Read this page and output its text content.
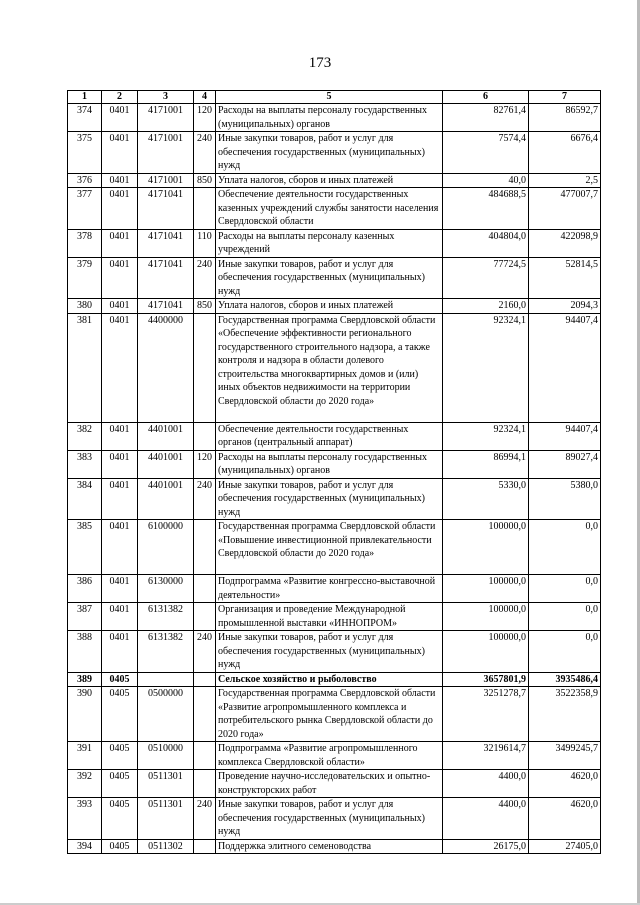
173
1	2	3	4	5	6	7
374	0401	4171001	120	Расходы на выплаты персоналу государственных (муниципальных) органов	82761,4	86592,7
375	0401	4171001	240	Иные закупки товаров, работ и услуг для обеспечения государственных (муниципальных) нужд	7574,4	6676,4
376	0401	4171001	850	Уплата налогов, сборов и иных платежей	40,0	2,5
377	0401	4171041		Обеспечение деятельности государственных казенных учреждений службы занятости населения Свердловской области	484688,5	477007,7
378	0401	4171041	110	Расходы на выплаты персоналу казенных учреждений	404804,0	422098,9
379	0401	4171041	240	Иные закупки товаров, работ и услуг для обеспечения государственных (муниципальных) нужд	77724,5	52814,5
380	0401	4171041	850	Уплата налогов, сборов и иных платежей	2160,0	2094,3
381	0401	4400000		Государственная программа Свердловской области «Обеспечение эффективности регионального государственного строительного надзора, а также контроля и надзора в области долевого строительства многоквартирных домов и (или) иных объектов недвижимости на территории Свердловской области до 2020 года»	92324,1	94407,4
382	0401	4401001		Обеспечение деятельности государственных органов (центральный аппарат)	92324,1	94407,4
383	0401	4401001	120	Расходы на выплаты персоналу государственных (муниципальных) органов	86994,1	89027,4
384	0401	4401001	240	Иные закупки товаров, работ и услуг для обеспечения государственных (муниципальных) нужд	5330,0	5380,0
385	0401	6100000		Государственная программа Свердловской области «Повышение инвестиционной привлекательности Свердловской области до 2020 года»	100000,0	0,0
386	0401	6130000		Подпрограмма «Развитие конгрессно-выставочной деятельности»	100000,0	0,0
387	0401	6131382		Организация и проведение Международной промышленной выставки «ИННОПРОМ»	100000,0	0,0
388	0401	6131382	240	Иные закупки товаров, работ и услуг для обеспечения государственных (муниципальных) нужд	100000,0	0,0
389	0405			Сельское хозяйство и рыболовство	3657801,9	3935486,4
390	0405	0500000		Государственная программа Свердловской области «Развитие агропромышленного комплекса и потребительского рынка Свердловской области до 2020 года»	3251278,7	3522358,9
391	0405	0510000		Подпрограмма «Развитие агропромышленного комплекса Свердловской области»	3219614,7	3499245,7
392	0405	0511301		Проведение научно-исследовательских и опытно-конструкторских работ	4400,0	4620,0
393	0405	0511301	240	Иные закупки товаров, работ и услуг для обеспечения государственных (муниципальных) нужд	4400,0	4620,0
394	0405	0511302		Поддержка элитного семеноводства	26175,0	27405,0
